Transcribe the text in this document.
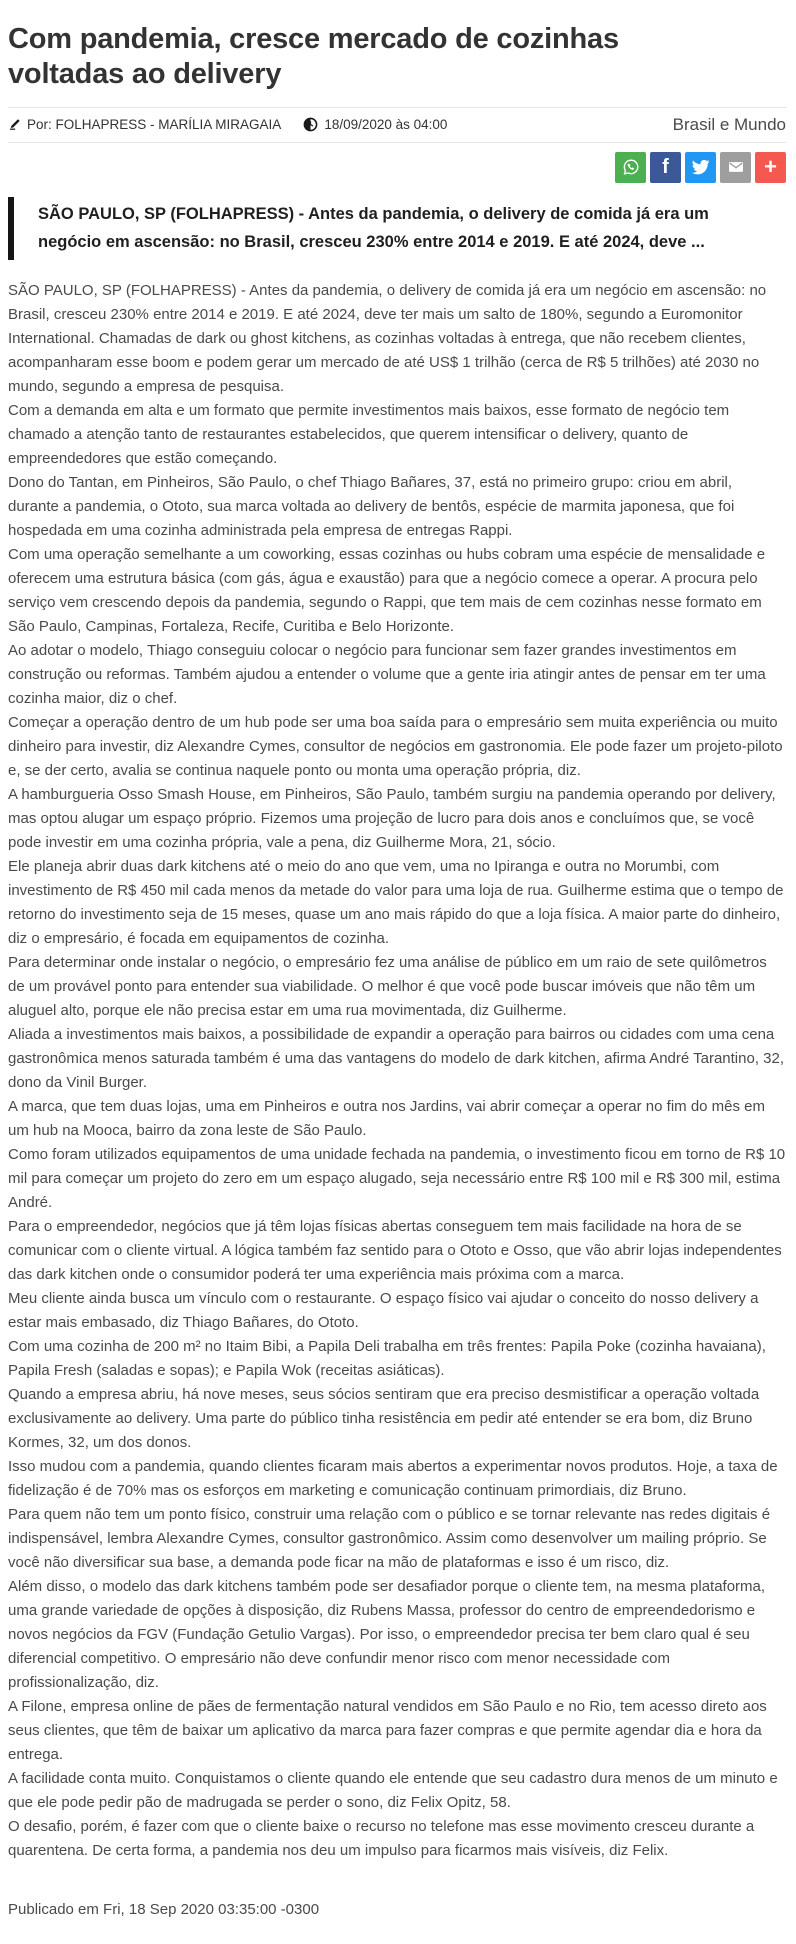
Com pandemia, cresce mercado de cozinhas voltadas ao delivery
Por: FOLHAPRESS - MARÍLIA MIRAGAIA	18/09/2020 às 04:00	Brasil e Mundo
f	+
SÃO PAULO, SP (FOLHAPRESS) - Antes da pandemia, o delivery de comida já era um negócio em ascensão: no Brasil, cresceu 230% entre 2014 e 2019. E até 2024, deve ...

SÃO PAULO, SP (FOLHAPRESS) - Antes da pandemia, o delivery de comida já era um negócio em ascensão: no Brasil, cresceu 230% entre 2014 e 2019. E até 2024, deve ter mais um salto de 180%, segundo a Euromonitor International. Chamadas de dark ou ghost kitchens, as cozinhas voltadas à entrega, que não recebem clientes, acompanharam esse boom e podem gerar um mercado de até US$ 1 trilhão (cerca de R$ 5 trilhões) até 2030 no mundo, segundo a empresa de pesquisa.

Com a demanda em alta e um formato que permite investimentos mais baixos, esse formato de negócio tem chamado a atenção tanto de restaurantes estabelecidos, que querem intensificar o delivery, quanto de empreendedores que estão começando.

Dono do Tantan, em Pinheiros, São Paulo, o chef Thiago Bañares, 37, está no primeiro grupo: criou em abril, durante a pandemia, o Ototo, sua marca voltada ao delivery de bentôs, espécie de marmita japonesa, que foi hospedada em uma cozinha administrada pela empresa de entregas Rappi.

Com uma operação semelhante a um coworking, essas cozinhas ou hubs cobram uma espécie de mensalidade e oferecem uma estrutura básica (com gás, água e exaustão) para que a negócio comece a operar. A procura pelo serviço vem crescendo depois da pandemia, segundo o Rappi, que tem mais de cem cozinhas nesse formato em São Paulo, Campinas, Fortaleza, Recife, Curitiba e Belo Horizonte.

Ao adotar o modelo, Thiago conseguiu colocar o negócio para funcionar sem fazer grandes investimentos em construção ou reformas. Também ajudou a entender o volume que a gente iria atingir antes de pensar em ter uma cozinha maior, diz o chef.

Começar a operação dentro de um hub pode ser uma boa saída para o empresário sem muita experiência ou muito dinheiro para investir, diz Alexandre Cymes, consultor de negócios em gastronomia. Ele pode fazer um projeto-piloto e, se der certo, avalia se continua naquele ponto ou monta uma operação própria, diz.

A hamburgueria Osso Smash House, em Pinheiros, São Paulo, também surgiu na pandemia operando por delivery, mas optou alugar um espaço próprio. Fizemos uma projeção de lucro para dois anos e concluímos que, se você pode investir em uma cozinha própria, vale a pena, diz Guilherme Mora, 21, sócio.

Ele planeja abrir duas dark kitchens até o meio do ano que vem, uma no Ipiranga e outra no Morumbi, com investimento de R$ 450 mil cada menos da metade do valor para uma loja de rua. Guilherme estima que o tempo de retorno do investimento seja de 15 meses, quase um ano mais rápido do que a loja física. A maior parte do dinheiro, diz o empresário, é focada em equipamentos de cozinha.

Para determinar onde instalar o negócio, o empresário fez uma análise de público em um raio de sete quilômetros de um provável ponto para entender sua viabilidade. O melhor é que você pode buscar imóveis que não têm um aluguel alto, porque ele não precisa estar em uma rua movimentada, diz Guilherme.

Aliada a investimentos mais baixos, a possibilidade de expandir a operação para bairros ou cidades com uma cena gastronômica menos saturada também é uma das vantagens do modelo de dark kitchen, afirma André Tarantino, 32, dono da Vinil Burger.

A marca, que tem duas lojas, uma em Pinheiros e outra nos Jardins, vai abrir começar a operar no fim do mês em um hub na Mooca, bairro da zona leste de São Paulo.

Como foram utilizados equipamentos de uma unidade fechada na pandemia, o investimento ficou em torno de R$ 10 mil para começar um projeto do zero em um espaço alugado, seja necessário entre R$ 100 mil e R$ 300 mil, estima André.

Para o empreendedor, negócios que já têm lojas físicas abertas conseguem tem mais facilidade na hora de se comunicar com o cliente virtual. A lógica também faz sentido para o Ototo e Osso, que vão abrir lojas independentes das dark kitchen onde o consumidor poderá ter uma experiência mais próxima com a marca.

Meu cliente ainda busca um vínculo com o restaurante. O espaço físico vai ajudar o conceito do nosso delivery a estar mais embasado, diz Thiago Bañares, do Ototo.

Com uma cozinha de 200 m² no Itaim Bibi, a Papila Deli trabalha em três frentes: Papila Poke (cozinha havaiana), Papila Fresh (saladas e sopas); e Papila Wok (receitas asiáticas).

Quando a empresa abriu, há nove meses, seus sócios sentiram que era preciso desmistificar a operação voltada exclusivamente ao delivery. Uma parte do público tinha resistência em pedir até entender se era bom, diz Bruno Kormes, 32, um dos donos.

Isso mudou com a pandemia, quando clientes ficaram mais abertos a experimentar novos produtos. Hoje, a taxa de fidelização é de 70% mas os esforços em marketing e comunicação continuam primordiais, diz Bruno.

Para quem não tem um ponto físico, construir uma relação com o público e se tornar relevante nas redes digitais é indispensável, lembra Alexandre Cymes, consultor gastronômico. Assim como desenvolver um mailing próprio. Se você não diversificar sua base, a demanda pode ficar na mão de plataformas e isso é um risco, diz.

Além disso, o modelo das dark kitchens também pode ser desafiador porque o cliente tem, na mesma plataforma, uma grande variedade de opções à disposição, diz Rubens Massa, professor do centro de empreendedorismo e novos negócios da FGV (Fundação Getulio Vargas). Por isso, o empreendedor precisa ter bem claro qual é seu diferencial competitivo. O empresário não deve confundir menor risco com menor necessidade com profissionalização, diz.

A Filone, empresa online de pães de fermentação natural vendidos em São Paulo e no Rio, tem acesso direto aos seus clientes, que têm de baixar um aplicativo da marca para fazer compras e que permite agendar dia e hora da entrega.

A facilidade conta muito. Conquistamos o cliente quando ele entende que seu cadastro dura menos de um minuto e que ele pode pedir pão de madrugada se perder o sono, diz Felix Opitz, 58.

O desafio, porém, é fazer com que o cliente baixe o recurso no telefone mas esse movimento cresceu durante a quarentena. De certa forma, a pandemia nos deu um impulso para ficarmos mais visíveis, diz Felix.

Publicado em Fri, 18 Sep 2020 03:35:00 -0300
